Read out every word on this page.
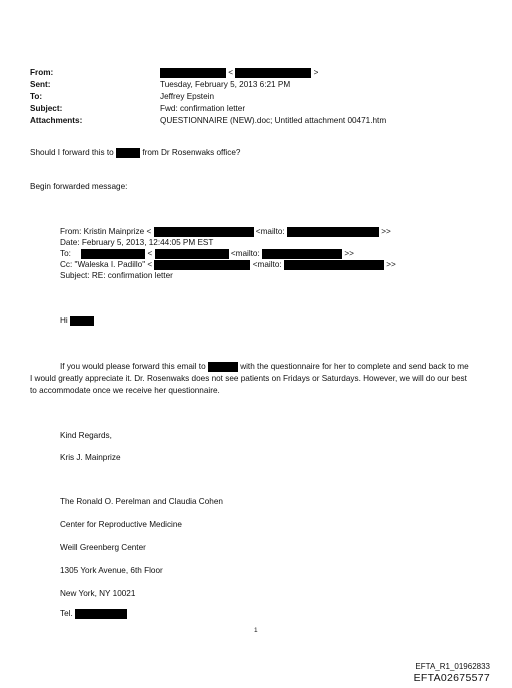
From:	<	>
Sent:	Tuesday, February 5, 2013 6:21 PM
To:	Jeffrey Epstein
Subject:	Fwd: confirmation letter
Attachments:	QUESTIONNAIRE (NEW).doc; Untitled attachment 00471.htm
Should I forward this to	from Dr Rosenwaks office?
Begin forwarded message:
From: Kristin Mainprize <	<mailto:	>>
Date: February 5, 2013, 12:44:05 PM EST
To:	<	<mailto:	>>
Cc: "Waleska I. Padillo" <	<mailto:	>>
Subject: RE: confirmation letter
Hi
If you would please forward this email to	with the questionnaire for her to complete and send back to me
I would greatly appreciate it. Dr. Rosenwaks does not see patients on Fridays or Saturdays. However, we will do our best
to accommodate once we receive her questionnaire.
Kind Regards,
Kris J. Mainprize
The Ronald O. Perelman and Claudia Cohen
Center for Reproductive Medicine
Weill Greenberg Center
1305 York Avenue, 6th Floor
New York, NY 10021
Tel.
1
EFTA_R1_01962833
EFTA02675577
